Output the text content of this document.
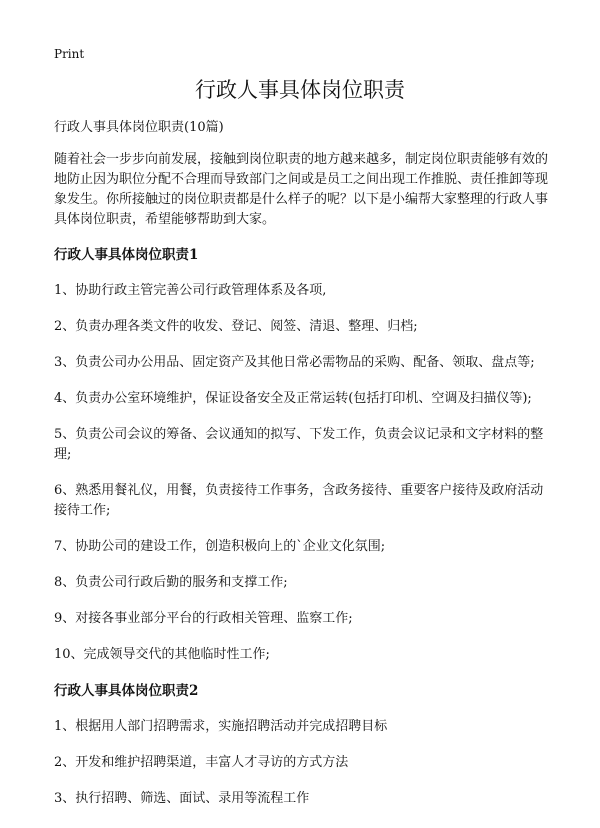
Print
行政人事具体岗位职责

行政人事具体岗位职责(10篇)

随着社会一步步向前发展，接触到岗位职责的地方越来越多，制定岗位职责能够有效的地防止因为职位分配不合理而导致部门之间或是员工之间出现工作推脱、责任推卸等现象发生。你所接触过的岗位职责都是什么样子的呢？以下是小编帮大家整理的行政人事具体岗位职责，希望能够帮助到大家。

行政人事具体岗位职责1

1、协助行政主管完善公司行政管理体系及各项,

2、负责办理各类文件的收发、登记、阅签、清退、整理、归档;

3、负责公司办公用品、固定资产及其他日常必需物品的采购、配备、领取、盘点等;

4、负责办公室环境维护，保证设备安全及正常运转(包括打印机、空调及扫描仪等);

5、负责公司会议的筹备、会议通知的拟写、下发工作，负责会议记录和文字材料的整理;

6、熟悉用餐礼仪，用餐，负责接待工作事务，含政务接待、重要客户接待及政府活动接待工作;

7、协助公司的建设工作，创造积极向上的`企业文化氛围;

8、负责公司行政后勤的服务和支撑工作;

9、对接各事业部分平台的行政相关管理、监察工作;

10、完成领导交代的其他临时性工作;

行政人事具体岗位职责2

1、根据用人部门招聘需求，实施招聘活动并完成招聘目标

2、开发和维护招聘渠道，丰富人才寻访的方式方法

3、执行招聘、筛选、面试、录用等流程工作
